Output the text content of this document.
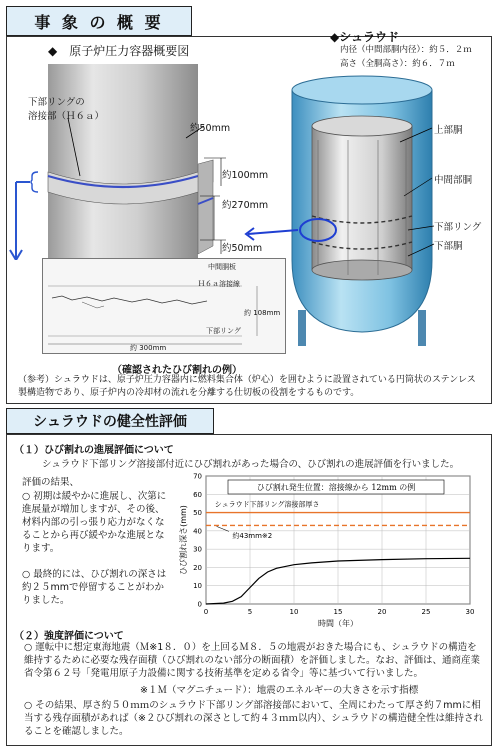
事 象 の 概 要
◆　原子炉圧力容器概要図
◆シュラウド
内径（中間部胴内径）：約５．２ｍ
高さ（全胴高さ）：約６．７ｍ
下部リングの
溶接部（Ｈ６ａ）
約50mm
約100mm
約270mm
約50mm
中間胴板
Ｈ６ａ溶接線
約 108mm
下部リング
約 300mm
（確認されたひび割れの例）
上部胴
中間部胴
下部リング
下部胴
（参考）シュラウドは、原子炉圧力容器内に燃料集合体（炉心）を囲むように設置されている円筒状のステンレス製構造物であり、原子炉内の冷却材の流れを分離する仕切板の役割をするものです。
シュラウドの健全性評価
（１）ひび割れの進展評価について
シュラウド下部リング溶接部付近にひび割れがあった場合の、ひび割れの進展評価を行いました。
評価の結果、
○ 初期は緩やかに進展し、次第に進展量が増加しますが、その後、材料内部の引っ張り応力がなくなることから再び緩やかな進展となります。
○ 最終的には、ひび割れの深さは約２５mmで停留することがわかりました。
0	5	10	15	20	25	30
0
10
20
30
40
50
60
70
ひび割れ発生位置：溶接線から 12mm の例
シュラウド下部リング溶接部厚さ
約43mm※2
時間（年）
ひび割れ深さ(mm)
（２）強度評価について
○ 運転中に想定東海地震（Ｍ※1８．０）を上回るＭ８．５の地震がおきた場合にも、シュラウドの構造を維持するために必要な残存面積（ひび割れのない部分の断面積）を評価しました。なお、評価は、通商産業省令第６２号「発電用原子力設備に関する技術基準を定める省令」等に基づいて行いました。
※１Ｍ（マグニチュード）：地震のエネルギーの大きさを示す指標
○ その結果、厚さ約５０ｍｍのシュラウド下部リング部溶接部において、全周にわたって厚さ約７mmに相当する残存面積があれば（※２ひび割れの深さとして約４３ｍｍ以内）、シュラウドの構造健全性は維持されることを確認しました。
